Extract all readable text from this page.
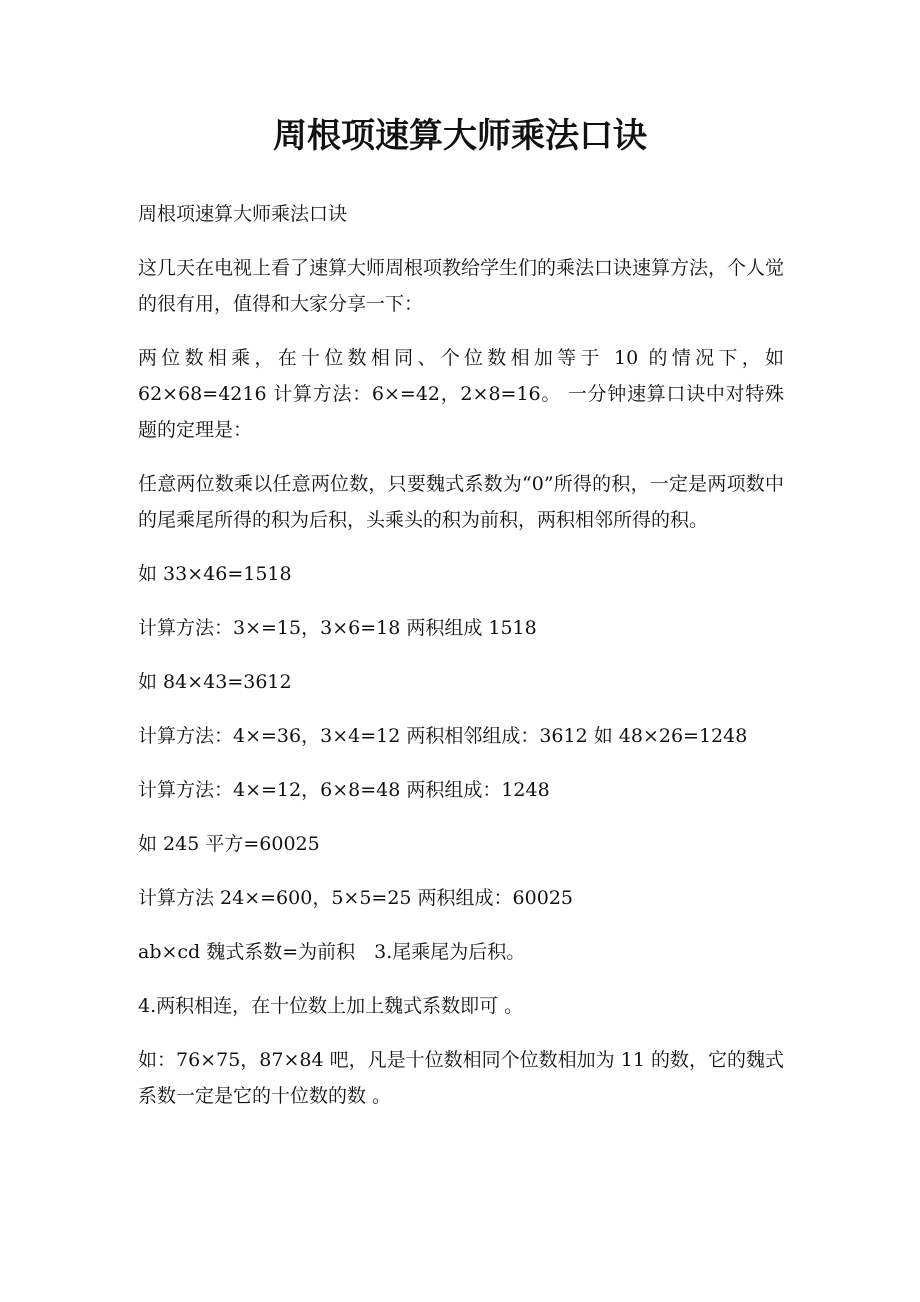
周根项速算大师乘法口诀

周根项速算大师乘法口诀

这几天在电视上看了速算大师周根项教给学生们的乘法口诀速算方法，个人觉的很有用，值得和大家分享一下：

两位数相乘，在十位数相同、个位数相加等于 10 的情况下，如 62×68=4216 计算方法：6×=42，2×8=16。 一分钟速算口诀中对特殊题的定理是：

任意两位数乘以任意两位数，只要魏式系数为“0”所得的积，一定是两项数中的尾乘尾所得的积为后积，头乘头的积为前积，两积相邻所得的积。

如 33×46=1518

计算方法：3×=15，3×6=18 两积组成 1518

如 84×43=3612

计算方法：4×=36，3×4=12 两积相邻组成：3612 如 48×26=1248

计算方法：4×=12，6×8=48 两积组成：1248

如 245 平方=60025

计算方法 24×=600，5×5=25 两积组成：60025

ab×cd 魏式系数=为前积　3.尾乘尾为后积。

4.两积相连，在十位数上加上魏式系数即可 。

如：76×75，87×84 吧，凡是十位数相同个位数相加为 11 的数，它的魏式系数一定是它的十位数的数 。
